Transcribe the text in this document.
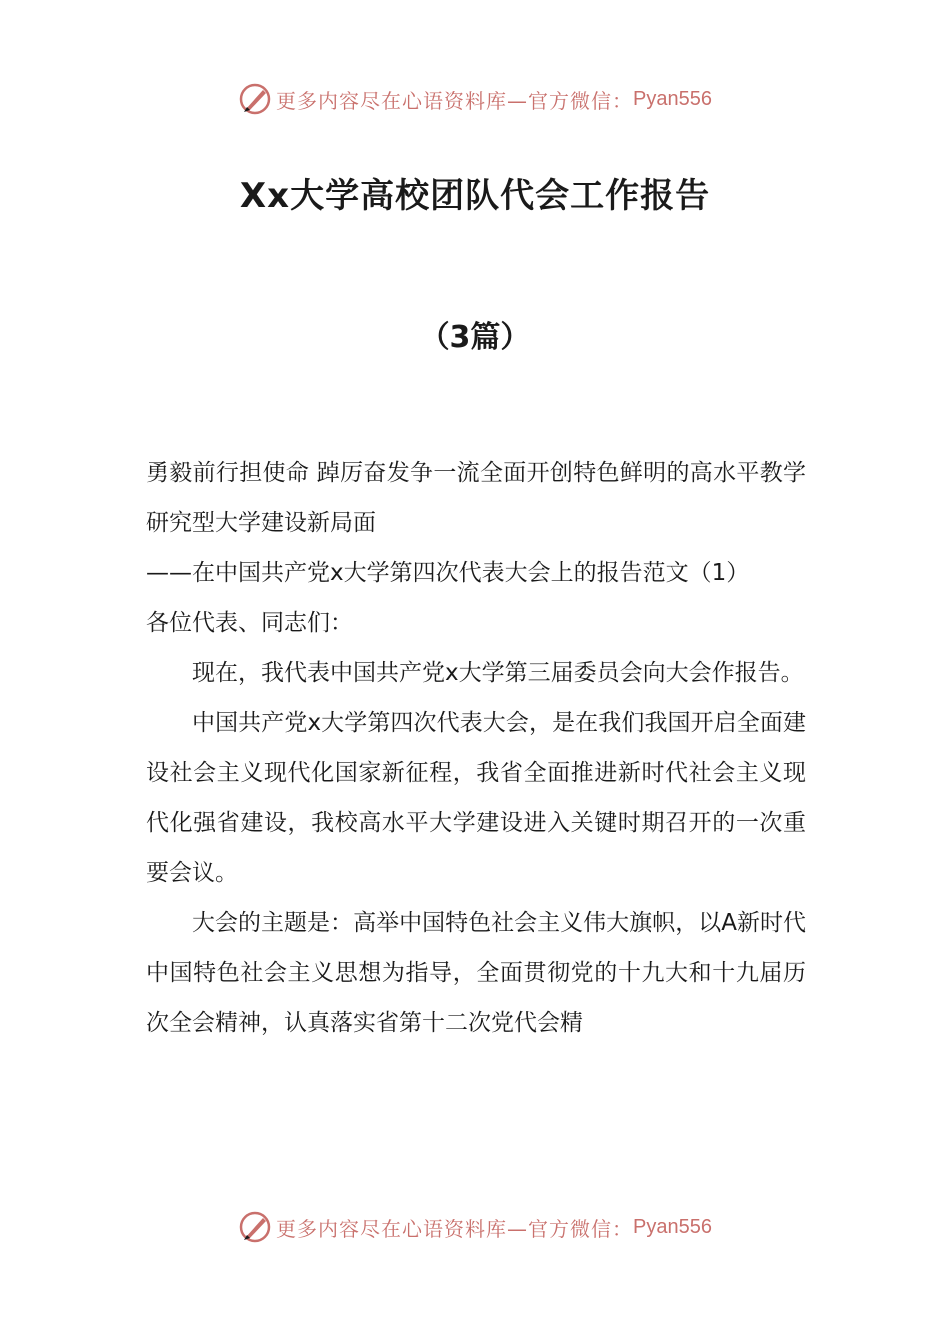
更多内容尽在心语资料库—官方微信： Pyan556
Xx大学高校团队代会工作报告
（3篇）

勇毅前行担使命 踔厉奋发争一流全面开创特色鲜明的高水平教学研究型大学建设新局面

——在中国共产党x大学第四次代表大会上的报告范文（1）

各位代表、同志们：

现在，我代表中国共产党x大学第三届委员会向大会作报告。

中国共产党x大学第四次代表大会，是在我们我国开启全面建设社会主义现代化国家新征程，我省全面推进新时代社会主义现代化强省建设，我校高水平大学建设进入关键时期召开的一次重要会议。

大会的主题是：高举中国特色社会主义伟大旗帜，以A新时代中国特色社会主义思想为指导，全面贯彻党的十九大和十九届历次全会精神，认真落实省第十二次党代会精

更多内容尽在心语资料库—官方微信： Pyan556
